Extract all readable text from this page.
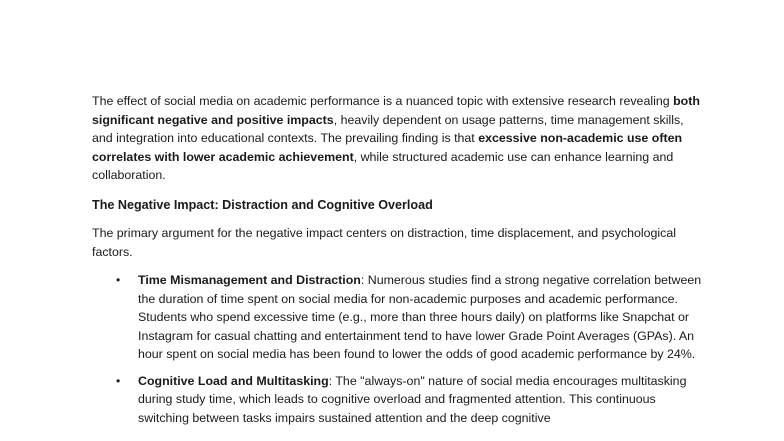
The effect of social media on academic performance is a nuanced topic with extensive research revealing both significant negative and positive impacts, heavily dependent on usage patterns, time management skills, and integration into educational contexts. The prevailing finding is that excessive non-academic use often correlates with lower academic achievement, while structured academic use can enhance learning and collaboration.

The Negative Impact: Distraction and Cognitive Overload

The primary argument for the negative impact centers on distraction, time displacement, and psychological factors.

• Time Mismanagement and Distraction: Numerous studies find a strong negative correlation between the duration of time spent on social media for non-academic purposes and academic performance. Students who spend excessive time (e.g., more than three hours daily) on platforms like Snapchat or Instagram for casual chatting and entertainment tend to have lower Grade Point Averages (GPAs). An hour spent on social media has been found to lower the odds of good academic performance by 24%.
• Cognitive Load and Multitasking: The "always-on" nature of social media encourages multitasking during study time, which leads to cognitive overload and fragmented attention. This continuous switching between tasks impairs sustained attention and the deep cognitive
